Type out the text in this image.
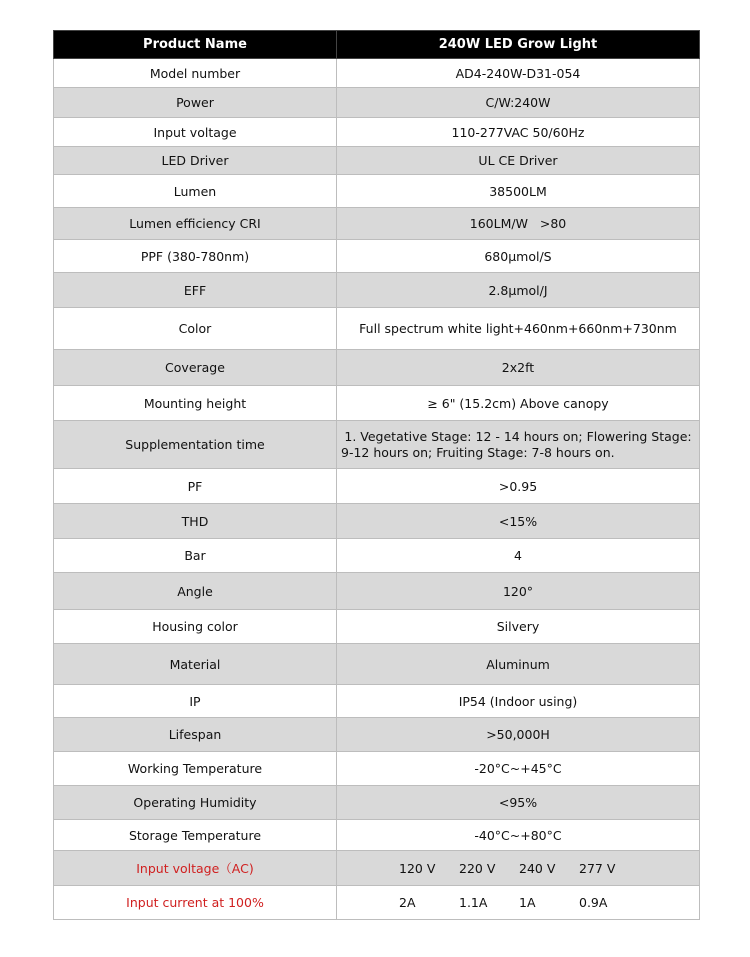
Product Name	240W LED Grow Light
Model number	AD4-240W-D31-054
Power	C/W:240W
Input voltage	110-277VAC 50/60Hz
LED Driver	UL CE Driver
Lumen	38500LM
Lumen efficiency CRI	160LM/W   >80
PPF (380-780nm)	680μmol/S
EFF	2.8μmol/J
Color	Full spectrum white light+460nm+660nm+730nm
Coverage	2x2ft
Mounting height	≥ 6" (15.2cm) Above canopy
Supplementation time	1. Vegetative Stage: 12 - 14 hours on; Flowering Stage: 9-12 hours on; Fruiting Stage: 7-8 hours on.
PF	>0.95
THD	<15%
Bar	4
Angle	120°
Housing color	Silvery
Material	Aluminum
IP	IP54 (Indoor using)
Lifespan	>50,000H
Working Temperature	-20°C~+45°C
Operating Humidity	<95%
Storage Temperature	-40°C~+80°C
Input voltage（AC)	120 V 220 V 240 V 277 V

Input current at 100%	2A 1.1A 1A 0.9A
